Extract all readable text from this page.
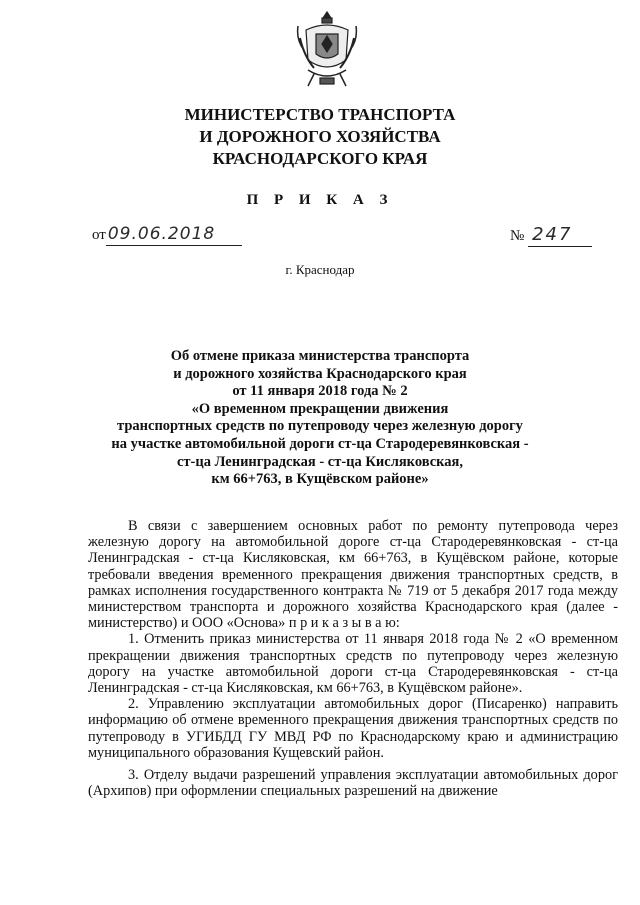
МИНИСТЕРСТВО ТРАНСПОРТА
И ДОРОЖНОГО ХОЗЯЙСТВА
КРАСНОДАРСКОГО КРАЯ
П Р И К А З
от 09.06.2018	№ 247
г. Краснодар
Об отмене приказа министерства транспорта
и дорожного хозяйства Краснодарского края
от 11 января 2018 года № 2
«О временном прекращении движения
транспортных средств по путепроводу через железную дорогу
на участке автомобильной дороги ст-ца Стародеревянковская -
ст-ца Ленинградская - ст-ца Кисляковская,
км 66+763, в Кущёвском районе»

В связи с завершением основных работ по ремонту путепровода через железную дорогу на автомобильной дороге ст-ца Стародеревянковская - ст-ца Ленинградская - ст-ца Кисляковская, км 66+763, в Кущёвском районе, которые требовали введения временного прекращения движения транспортных средств, в рамках исполнения государственного контракта № 719 от 5 декабря 2017 года между министерством транспорта и дорожного хозяйства Краснодарского края (далее - министерство) и ООО «Основа» п р и к а з ы в а ю:

1. Отменить приказ министерства от 11 января 2018 года № 2 «О временном прекращении движения транспортных средств по путепроводу через железную дорогу на участке автомобильной дороги ст-ца Стародеревянковская - ст-ца Ленинградская - ст-ца Кисляковская, км 66+763, в Кущёвском районе».

2. Управлению эксплуатации автомобильных дорог (Писаренко) направить информацию об отмене временного прекращения движения транспортных средств по путепроводу в УГИБДД ГУ МВД РФ по Краснодарскому краю и администрацию муниципального образования Кущевский район.

3. Отделу выдачи разрешений управления эксплуатации автомобильных дорог (Архипов) при оформлении специальных разрешений на движение
